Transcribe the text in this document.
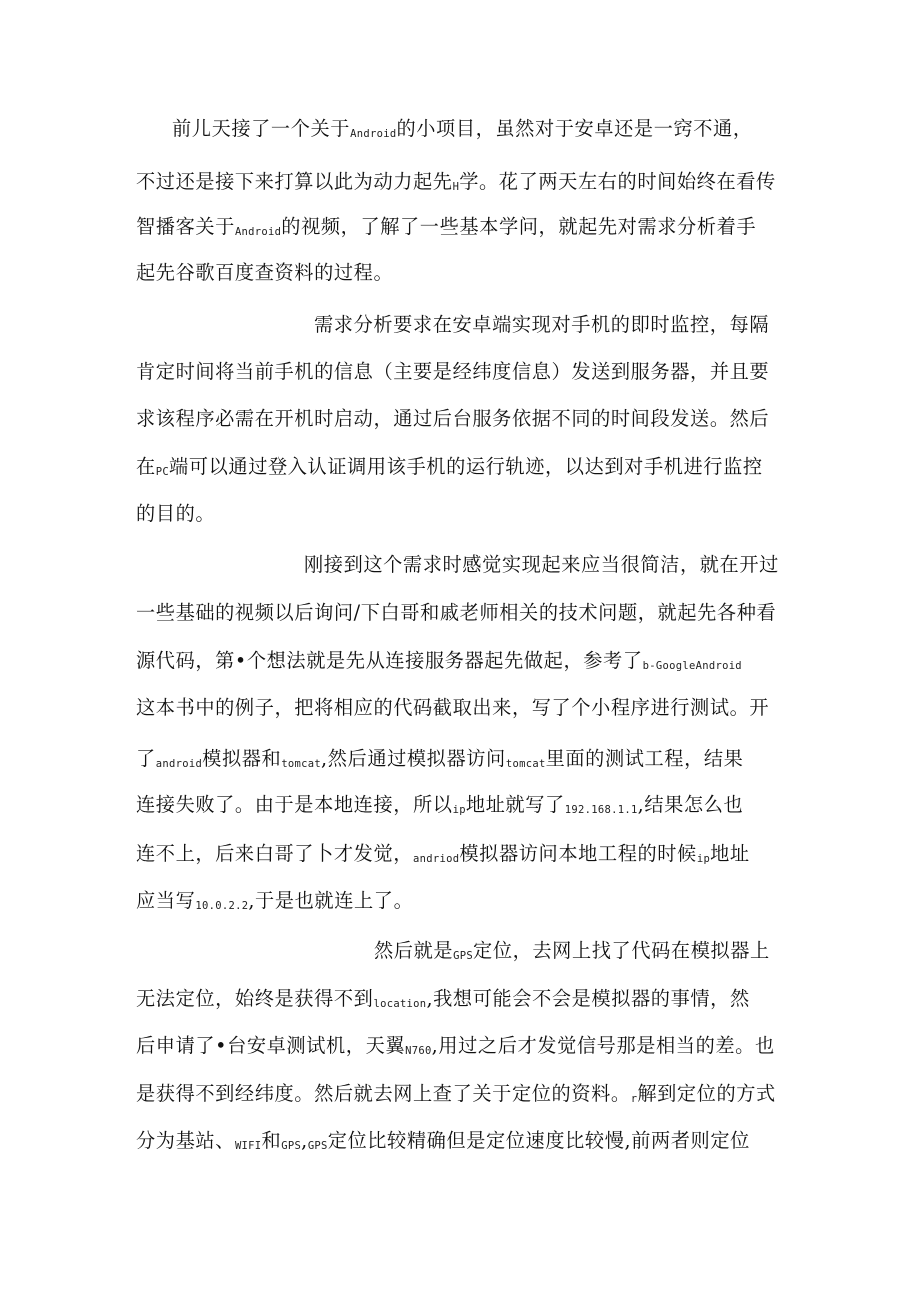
前儿天接了一个关于Android的小项目，虽然对于安卓还是一窍不通，
不过还是接下来打算以此为动力起先H学。花了两天左右的时间始终在看传
智播客关于Android的视频，了解了一些基本学问，就起先对需求分析着手
起先谷歌百度查资料的过程。
需求分析要求在安卓端实现对手机的即时监控，每隔
肯定时间将当前手机的信息（主要是经纬度信息）发送到服务器，并且要
求该程序必需在开机时启动，通过后台服务依据不同的时间段发送。然后
在PC端可以通过登入认证调用该手机的运行轨迹，以达到对手机进行监控
的目的。
刚接到这个需求时感觉实现起来应当很简洁，就在开过
一些基础的视频以后询问/下白哥和戚老师相关的技术问题，就起先各种看
源代码，第•个想法就是先从连接服务器起先做起，参考了b-GoogleAndroid
这本书中的例子，把将相应的代码截取出来，写了个小程序进行测试。开
了android模拟器和tomcat,然后通过模拟器访问tomcat里面的测试工程，结果
连接失败了。由于是本地连接，所以ip地址就写了192.168.1.1,结果怎么也
连不上，后来白哥了卜才发觉，andriod模拟器访问本地工程的时候ip地址
应当写10.0.2.2,于是也就连上了。
然后就是GPS定位，去网上找了代码在模拟器上
无法定位，始终是获得不到location,我想可能会不会是模拟器的事情，然
后申请了•台安卓测试机，天翼N760,用过之后才发觉信号那是相当的差。也
是获得不到经纬度。然后就去网上查了关于定位的资料。r解到定位的方式
分为基站、WIFI和GPS,GPS定位比较精确但是定位速度比较慢,前两者则定位
